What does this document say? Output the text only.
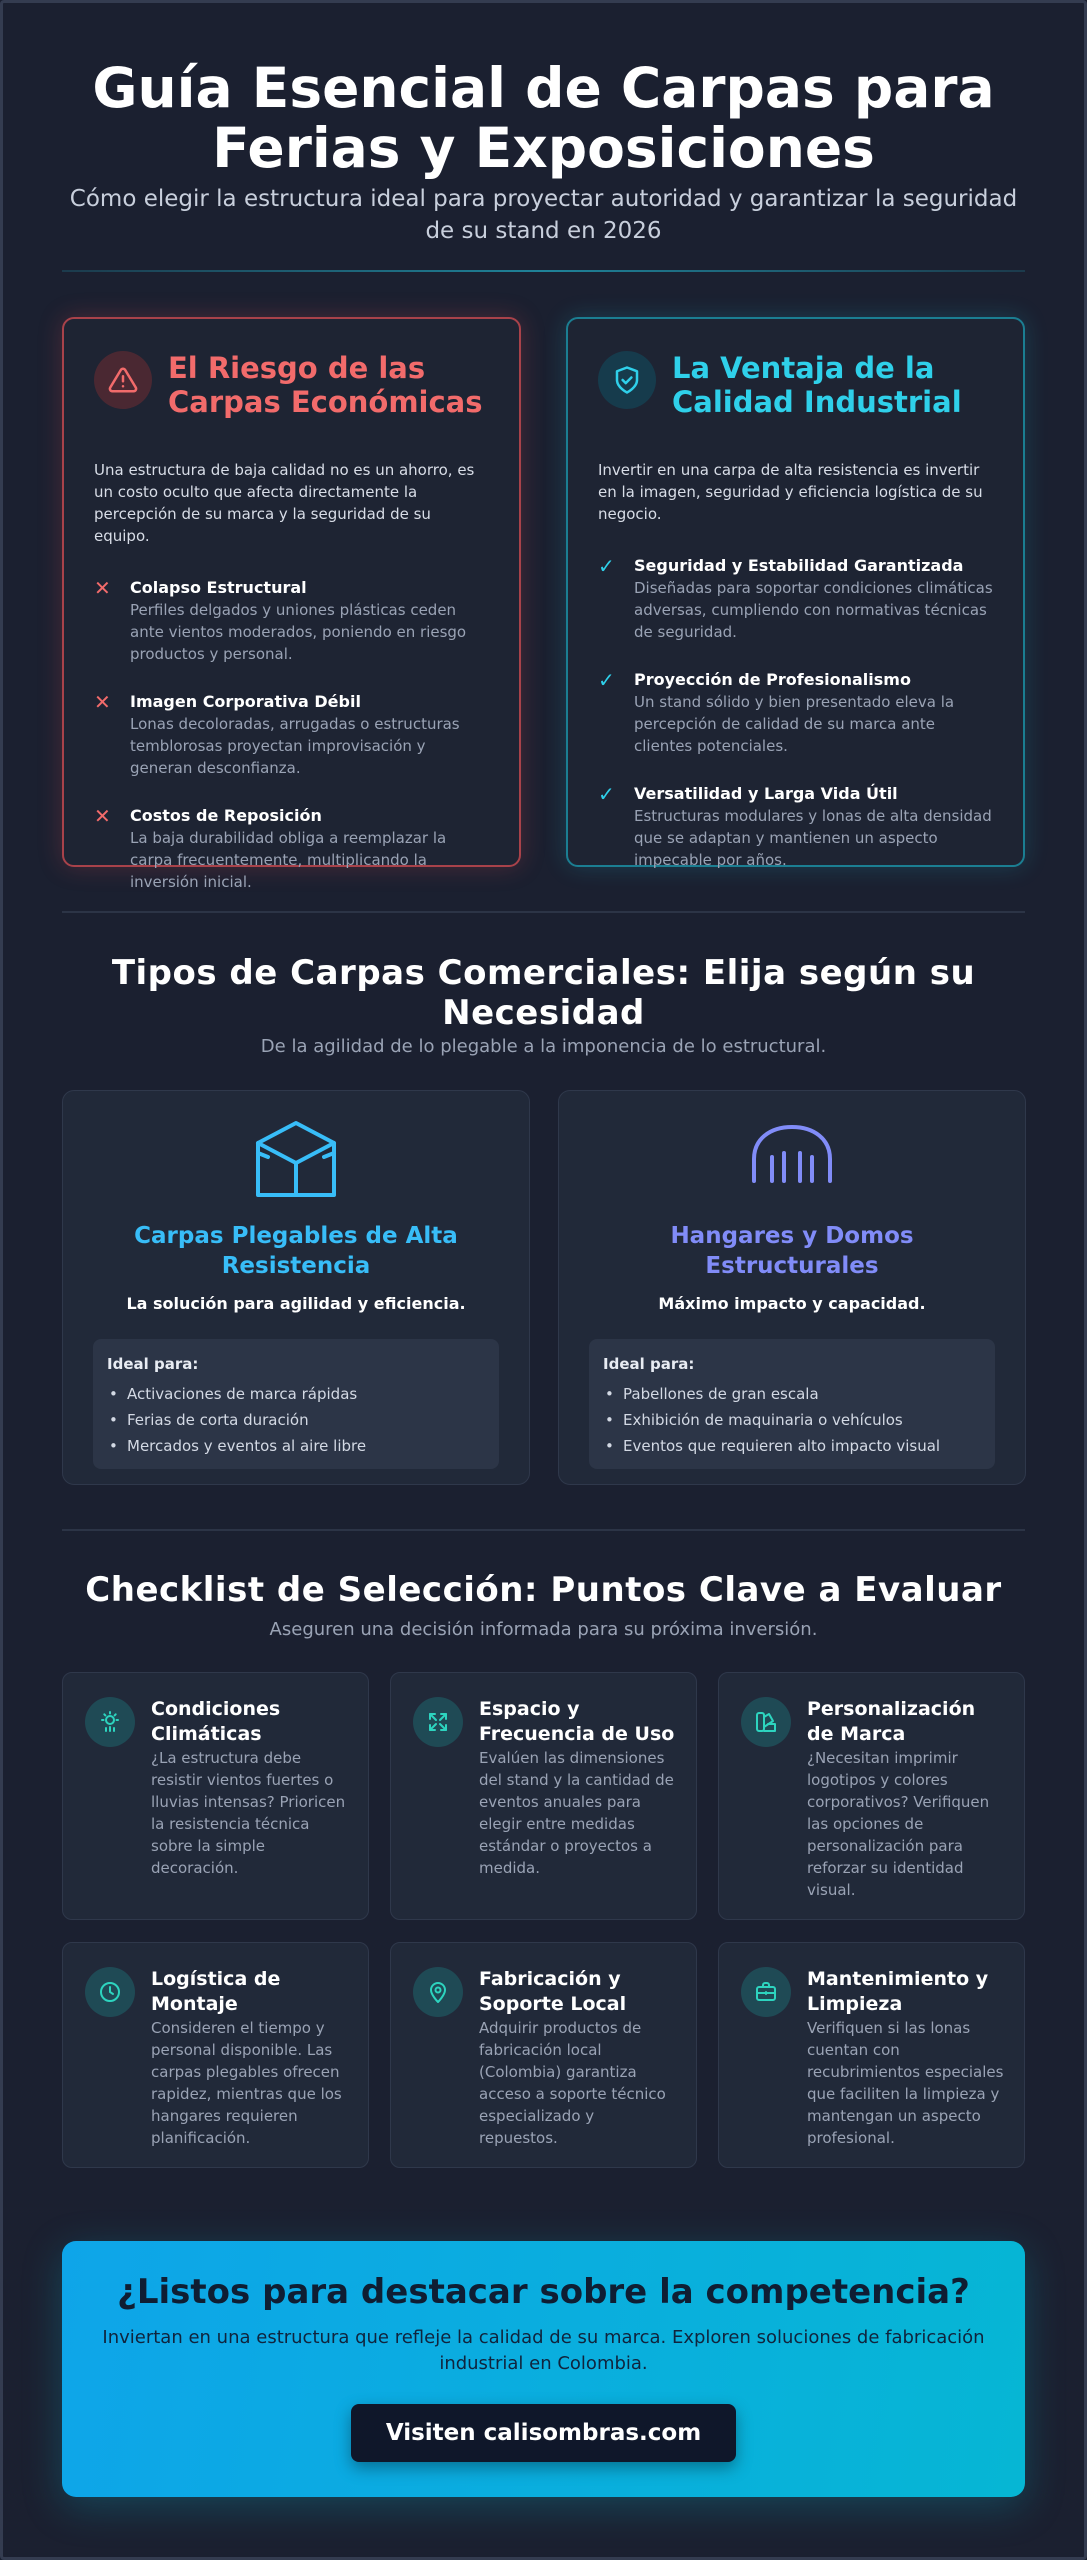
Guía Esencial de Carpas para Ferias y Exposiciones

Cómo elegir la estructura ideal para proyectar autoridad y garantizar la seguridad de su stand en 2026

El Riesgo de las Carpas Económicas

Una estructura de baja calidad no es un ahorro, es un costo oculto que afecta directamente la percepción de su marca y la seguridad de su equipo.

✕ Colapso Estructural
Perfiles delgados y uniones plásticas ceden ante vientos moderados, poniendo en riesgo productos y personal.
✕ Imagen Corporativa Débil
Lonas decoloradas, arrugadas o estructuras temblorosas proyectan improvisación y generan desconfianza.
✕ Costos de Reposición
La baja durabilidad obliga a reemplazar la carpa frecuentemente, multiplicando la inversión inicial.
La Ventaja de la Calidad Industrial

Invertir en una carpa de alta resistencia es invertir en la imagen, seguridad y eficiencia logística de su negocio.

✓ Seguridad y Estabilidad Garantizada
Diseñadas para soportar condiciones climáticas adversas, cumpliendo con normativas técnicas de seguridad.
✓ Proyección de Profesionalismo
Un stand sólido y bien presentado eleva la percepción de calidad de su marca ante clientes potenciales.
✓ Versatilidad y Larga Vida Útil
Estructuras modulares y lonas de alta densidad que se adaptan y mantienen un aspecto impecable por años.
Tipos de Carpas Comerciales: Elija según su Necesidad

De la agilidad de lo plegable a la imponencia de lo estructural.

Carpas Plegables de Alta Resistencia

La solución para agilidad y eficiencia.

Ideal para:
• Activaciones de marca rápidas
• Ferias de corta duración
• Mercados y eventos al aire libre
Hangares y Domos Estructurales

Máximo impacto y capacidad.

Ideal para:
• Pabellones de gran escala
• Exhibición de maquinaria o vehículos
• Eventos que requieren alto impacto visual
Checklist de Selección: Puntos Clave a Evaluar

Aseguren una decisión informada para su próxima inversión.

Condiciones Climáticas
¿La estructura debe resistir vientos fuertes o lluvias intensas? Prioricen la resistencia técnica sobre la simple decoración.
Espacio y Frecuencia de Uso
Evalúen las dimensiones del stand y la cantidad de eventos anuales para elegir entre medidas estándar o proyectos a medida.
Personalización de Marca
¿Necesitan imprimir logotipos y colores corporativos? Verifiquen las opciones de personalización para reforzar su identidad visual.
Logística de Montaje
Consideren el tiempo y personal disponible. Las carpas plegables ofrecen rapidez, mientras que los hangares requieren planificación.
Fabricación y Soporte Local
Adquirir productos de fabricación local (Colombia) garantiza acceso a soporte técnico especializado y repuestos.
Mantenimiento y Limpieza
Verifiquen si las lonas cuentan con recubrimientos especiales que faciliten la limpieza y mantengan un aspecto profesional.
¿Listos para destacar sobre la competencia?

Inviertan en una estructura que refleje la calidad de su marca. Exploren soluciones de fabricación industrial en Colombia.

Visiten calisombras.com
